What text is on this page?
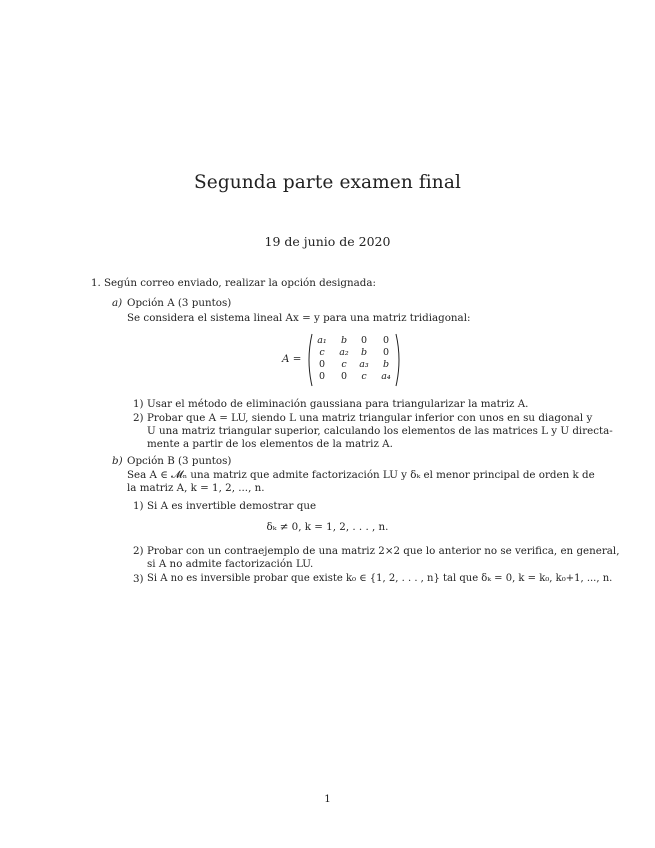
Segunda parte examen final
19 de junio de 2020
1. Según correo enviado, realizar la opción designada:
a) Opción A (3 puntos)
Se considera el sistema lineal Ax = y para una matriz tridiagonal:
A =
a₁	b	0	0
c	a₂	b	0
0	c	a₃	b
0	0	c	a₄
1) Usar el método de eliminación gaussiana para triangularizar la matriz A.
2) Probar que A = LU, siendo L una matriz triangular inferior con unos en su diagonal y
U una matriz triangular superior, calculando los elementos de las matrices L y U directa-
mente a partir de los elementos de la matriz A.
b) Opción B (3 puntos)
Sea A ∈ 𝓜ₙ una matriz que admite factorización LU y δₖ el menor principal de orden k de
la matriz A, k = 1, 2, ..., n.
1) Si A es invertible demostrar que
δₖ ≠ 0, k = 1, 2, . . . , n.
2) Probar con un contraejemplo de una matriz 2×2 que lo anterior no se verifica, en general,
si A no admite factorización LU.
3) Si A no es inversible probar que existe k₀ ∈ {1, 2, . . . , n} tal que δₖ = 0, k = k₀, k₀+1, ..., n.
1
